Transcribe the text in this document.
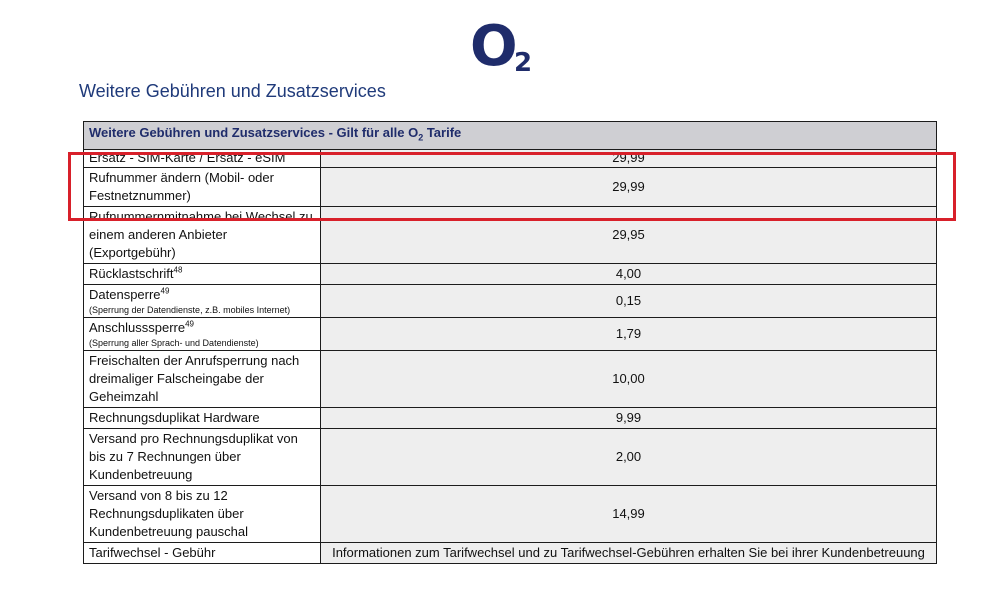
O
2
Weitere Gebühren und Zusatzservices
Weitere Gebühren und Zusatzservices - Gilt für alle $O_2$ Tarife	
Ersatz - SIM-Karte / Ersatz - eSIM	29,99
Rufnummer ändern (Mobil- oder Festnetznummer)	29,99
Rufnummernmitnahme bei Wechsel zu einem anderen Anbieter (Exportgebühr)	29,95
Rücklastschrift$^{48}$	4,00
Datensperre$^{49}$
(Sperrung der Datendienste, z.B. mobiles Internet)	0,15
Anschlusssperre$^{49}$
(Sperrung aller Sprach- und Datendienste)	1,79
Freischalten der Anrufsperrung nach dreimaliger Falscheingabe der Geheimzahl	10,00
Rechnungsduplikat Hardware	9,99
Versand pro Rechnungsduplikat von bis zu 7 Rechnungen über Kundenbetreuung	2,00
Versand von 8 bis zu 12 Rechnungsduplikaten über Kundenbetreuung pauschal	14,99
Tarifwechsel - Gebühr	Informationen zum Tarifwechsel und zu Tarifwechsel-Gebühren erhalten Sie bei ihrer Kundenbetreuung
